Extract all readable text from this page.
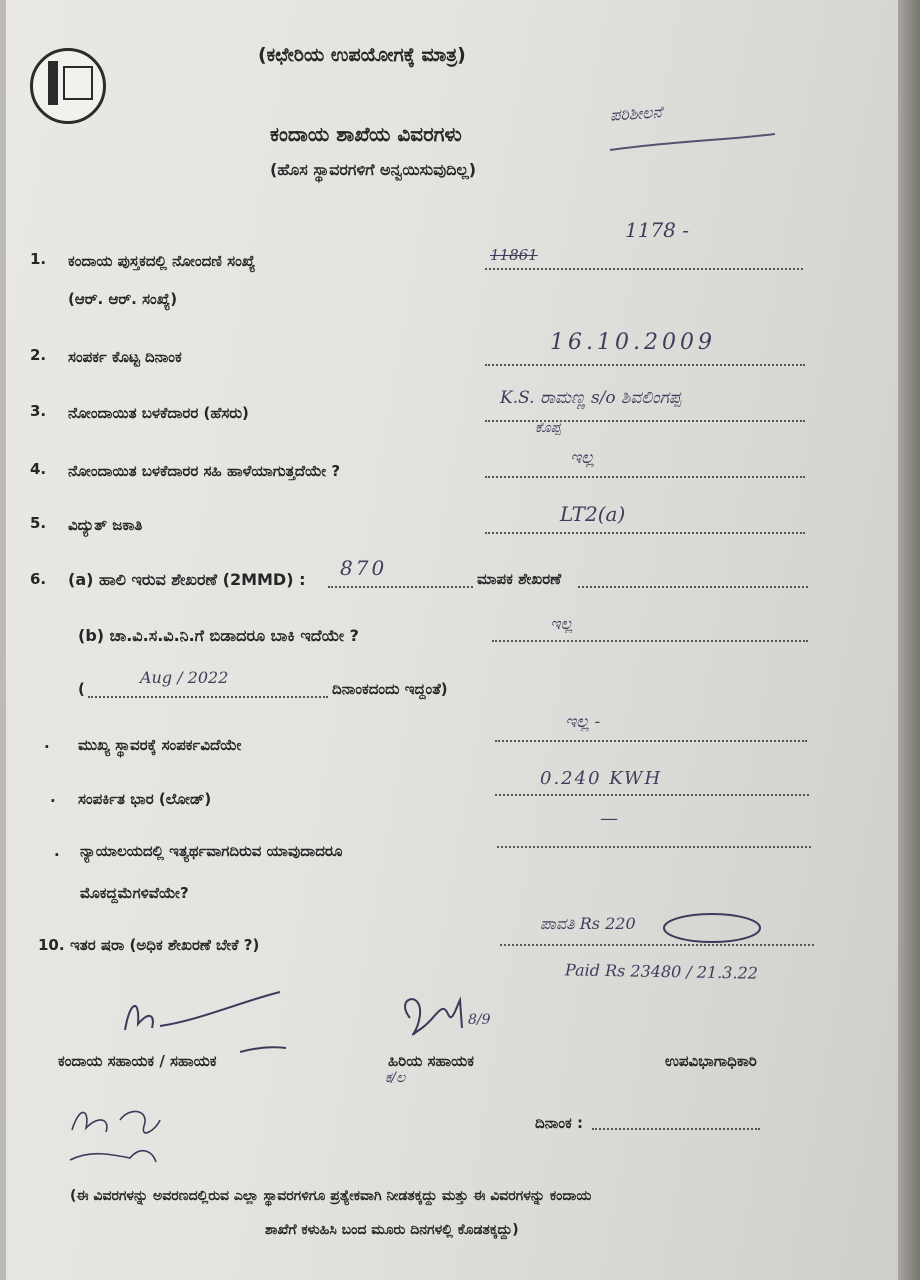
(ಕಛೇರಿಯ ಉಪಯೋಗಕ್ಕೆ ಮಾತ್ರ)
ಕಂದಾಯ ಶಾಖೆಯ ವಿವರಗಳು
ಪರಿಶೀಲನೆ
(ಹೊಸ ಸ್ಥಾವರಗಳಿಗೆ ಅನ್ವಯಿಸುವುದಿಲ್ಲ)
1. ಕಂದಾಯ ಪುಸ್ತಕದಲ್ಲಿ ನೋಂದಣಿ ಸಂಖ್ಯೆ
(ಆರ್. ಆರ್. ಸಂಖ್ಯೆ)
1178 -
11861
2. ಸಂಪರ್ಕ ಕೊಟ್ಟ ದಿನಾಂಕ
16.10.2009
3. ನೋಂದಾಯಿತ ಬಳಕೆದಾರರ (ಹೆಸರು)
K.S. ರಾಮಣ್ಣ s/o ಶಿವಲಿಂಗಪ್ಪ
ಕೊಪ್ಪ
4. ನೋಂದಾಯಿತ ಬಳಕೆದಾರರ ಸಹಿ ಹಾಳೆಯಾಗುತ್ತದೆಯೇ ?
ಇಲ್ಲ
5. ವಿದ್ಯುತ್ ಜಕಾತಿ	LT2(a)
6. (a) ಹಾಲಿ ಇರುವ ಶೇಖರಣೆ (2MMD) : 870	ಮಾಪಕ ಶೇಖರಣೆ
(b) ಚಾ.ವಿ.ಸ.ವಿ.ನಿ.ಗೆ ಬಿಡಾದರೂ ಬಾಕಿ ಇದೆಯೇ ?
ಇಲ್ಲ
(
Aug / 2022
ದಿನಾಂಕದಂದು ಇದ್ದಂತೆ)
. ಮುಖ್ಯ ಸ್ಥಾವರಕ್ಕೆ ಸಂಪರ್ಕವಿದೆಯೇ
ಇಲ್ಲ -
. ಸಂಪರ್ಕಿತ ಭಾರ (ಲೋಡ್)
0.240 KWH
. ನ್ಯಾಯಾಲಯದಲ್ಲಿ ಇತ್ಯರ್ಥವಾಗದಿರುವ ಯಾವುದಾದರೂ
ಮೊಕದ್ದಮೆಗಳಿವೆಯೇ?
—
10. ಇತರ ಷರಾ (ಅಧಿಕ ಶೇಖರಣೆ ಬೇಕೆ ?)
ಪಾವತಿ Rs 220
Paid Rs 23480 / 21.3.22
ಕಂದಾಯ ಸಹಾಯಕ / ಸಹಾಯಕ
8/9
ಹಿರಿಯ ಸಹಾಯಕ
ಕ/ಲ
ಉಪವಿಭಾಗಾಧಿಕಾರಿ
ದಿನಾಂಕ :
(ಈ ವಿವರಗಳನ್ನು ಅವರಣದಲ್ಲಿರುವ ಎಲ್ಲಾ ಸ್ಥಾವರಗಳಿಗೂ ಪ್ರತ್ಯೇಕವಾಗಿ ನೀಡತಕ್ಕದ್ದು ಮತ್ತು ಈ ವಿವರಗಳನ್ನು ಕಂದಾಯ
ಶಾಖೆಗೆ ಕಳುಹಿಸಿ ಬಂದ ಮೂರು ದಿನಗಳಲ್ಲಿ ಕೊಡತಕ್ಕದ್ದು)
